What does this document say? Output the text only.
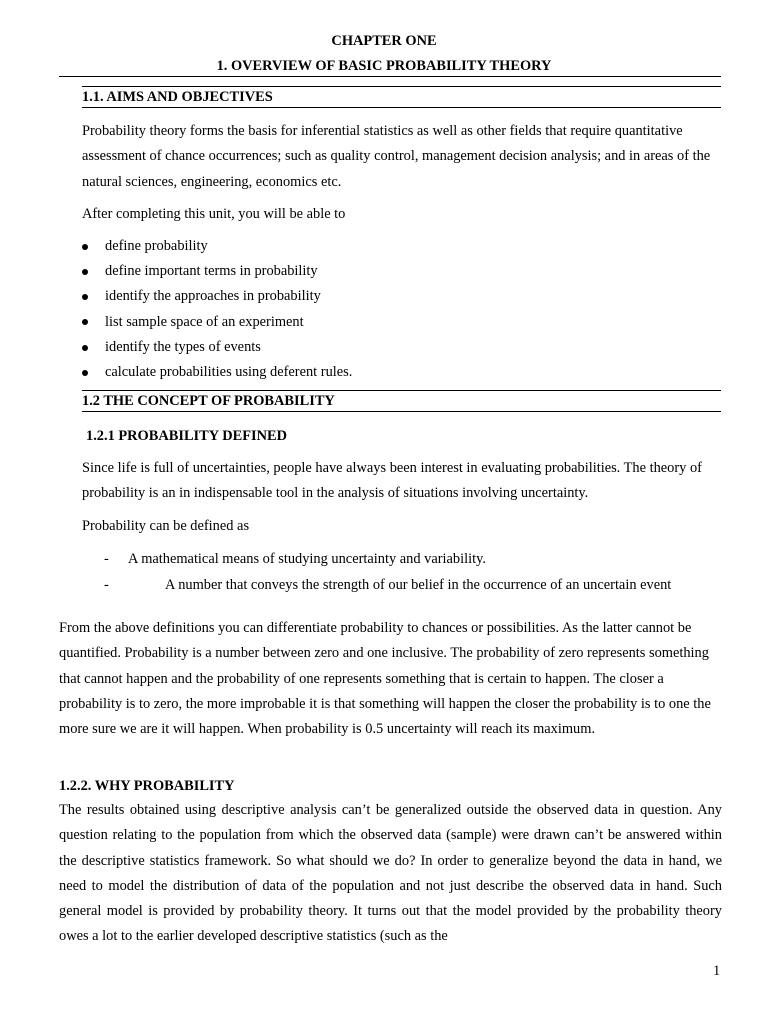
CHAPTER ONE
1. OVERVIEW OF BASIC PROBABILITY THEORY
1.1. AIMS AND OBJECTIVES
Probability theory forms the basis for inferential statistics as well as other fields that require quantitative assessment of chance occurrences; such as quality control, management decision analysis; and in areas of the natural sciences, engineering, economics etc.
After completing this unit, you will be able to
define probability
define important terms in probability
identify the approaches in probability
list sample space of an experiment
identify the types of events
calculate probabilities using deferent rules.
1.2 THE CONCEPT OF PROBABILITY
1.2.1 PROBABILITY DEFINED
Since life is full of uncertainties, people have always been interest in evaluating probabilities. The theory of probability is an in indispensable tool in the analysis of situations involving uncertainty.
Probability can be defined as
- A mathematical means of studying uncertainty and variability.
-	A number that conveys the strength of our belief in the occurrence of an uncertain event
From the above definitions you can differentiate probability to chances or possibilities. As the latter cannot be quantified. Probability is a number between zero and one inclusive. The probability of zero represents something that cannot happen and the probability of one represents something that is certain to happen. The closer a probability is to zero, the more improbable it is that something will happen the closer the probability is to one the more sure we are it will happen. When probability is 0.5 uncertainty will reach its maximum.
1.2.2. WHY PROBABILITY
The results obtained using descriptive analysis can’t be generalized outside the observed data in question. Any question relating to the population from which the observed data (sample) were drawn can’t be answered within the descriptive statistics framework. So what should we do? In order to generalize beyond the data in hand, we need to model the distribution of data of the population and not just describe the observed data in hand. Such general model is provided by probability theory. It turns out that the model provided by the probability theory owes a lot to the earlier developed descriptive statistics (such as the
1
